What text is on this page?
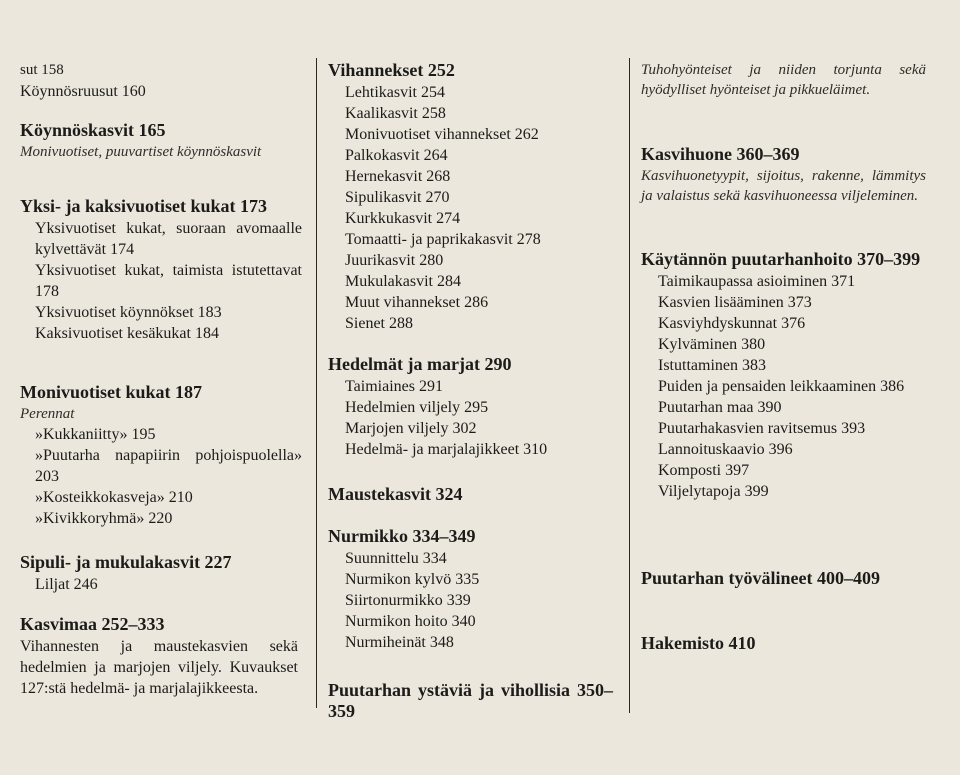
sut 158
Köynnösruusut 160
Köynnöskasvit 165
Monivuotiset, puuvartiset köynnöskasvit
Yksi- ja kaksivuotiset kukat 173
Yksivuotiset kukat, suoraan avomaalle kylvettävät 174
Yksivuotiset kukat, taimista istutettavat 178
Yksivuotiset köynnökset 183
Kaksivuotiset kesäkukat 184
Monivuotiset kukat 187
Perennat
»Kukkaniitty» 195
»Puutarha napapiirin pohjoispuolella» 203
»Kosteikkokasveja» 210
»Kivikkoryhmä» 220
Sipuli- ja mukulakasvit 227
Liljat 246
Kasvimaa 252–333
Vihannesten ja maustekasvien sekä hedelmien ja marjojen viljely. Kuvaukset 127:stä hedelmä- ja marjalajikkeesta.
Vihannekset 252
Lehtikasvit 254
Kaalikasvit 258
Monivuotiset vihannekset 262
Palkokasvit 264
Hernekasvit 268
Sipulikasvit 270
Kurkkukasvit 274
Tomaatti- ja paprikakasvit 278
Juurikasvit 280
Mukulakasvit 284
Muut vihannekset 286
Sienet 288
Hedelmät ja marjat 290
Taimiaines 291
Hedelmien viljely 295
Marjojen viljely 302
Hedelmä- ja marjalajikkeet 310
Maustekasvit 324
Nurmikko 334–349
Suunnittelu 334
Nurmikon kylvö 335
Siirtonurmikko 339
Nurmikon hoito 340
Nurmiheinät 348
Puutarhan ystäviä ja vihollisia 350–359
Tuhohyönteiset ja niiden torjunta sekä hyödylliset hyönteiset ja pikkueläimet.
Kasvihuone 360–369
Kasvihuonetyypit, sijoitus, rakenne, lämmitys ja valaistus sekä kasvihuoneessa viljeleminen.
Käytännön puutarhanhoito 370–399
Taimikaupassa asioiminen 371
Kasvien lisääminen 373
Kasviyhdyskunnat 376
Kylväminen 380
Istuttaminen 383
Puiden ja pensaiden leikkaaminen 386
Puutarhan maa 390
Puutarhakasvien ravitsemus 393
Lannoituskaavio 396
Komposti 397
Viljelytapoja 399
Puutarhan työvälineet 400–409
Hakemisto 410
